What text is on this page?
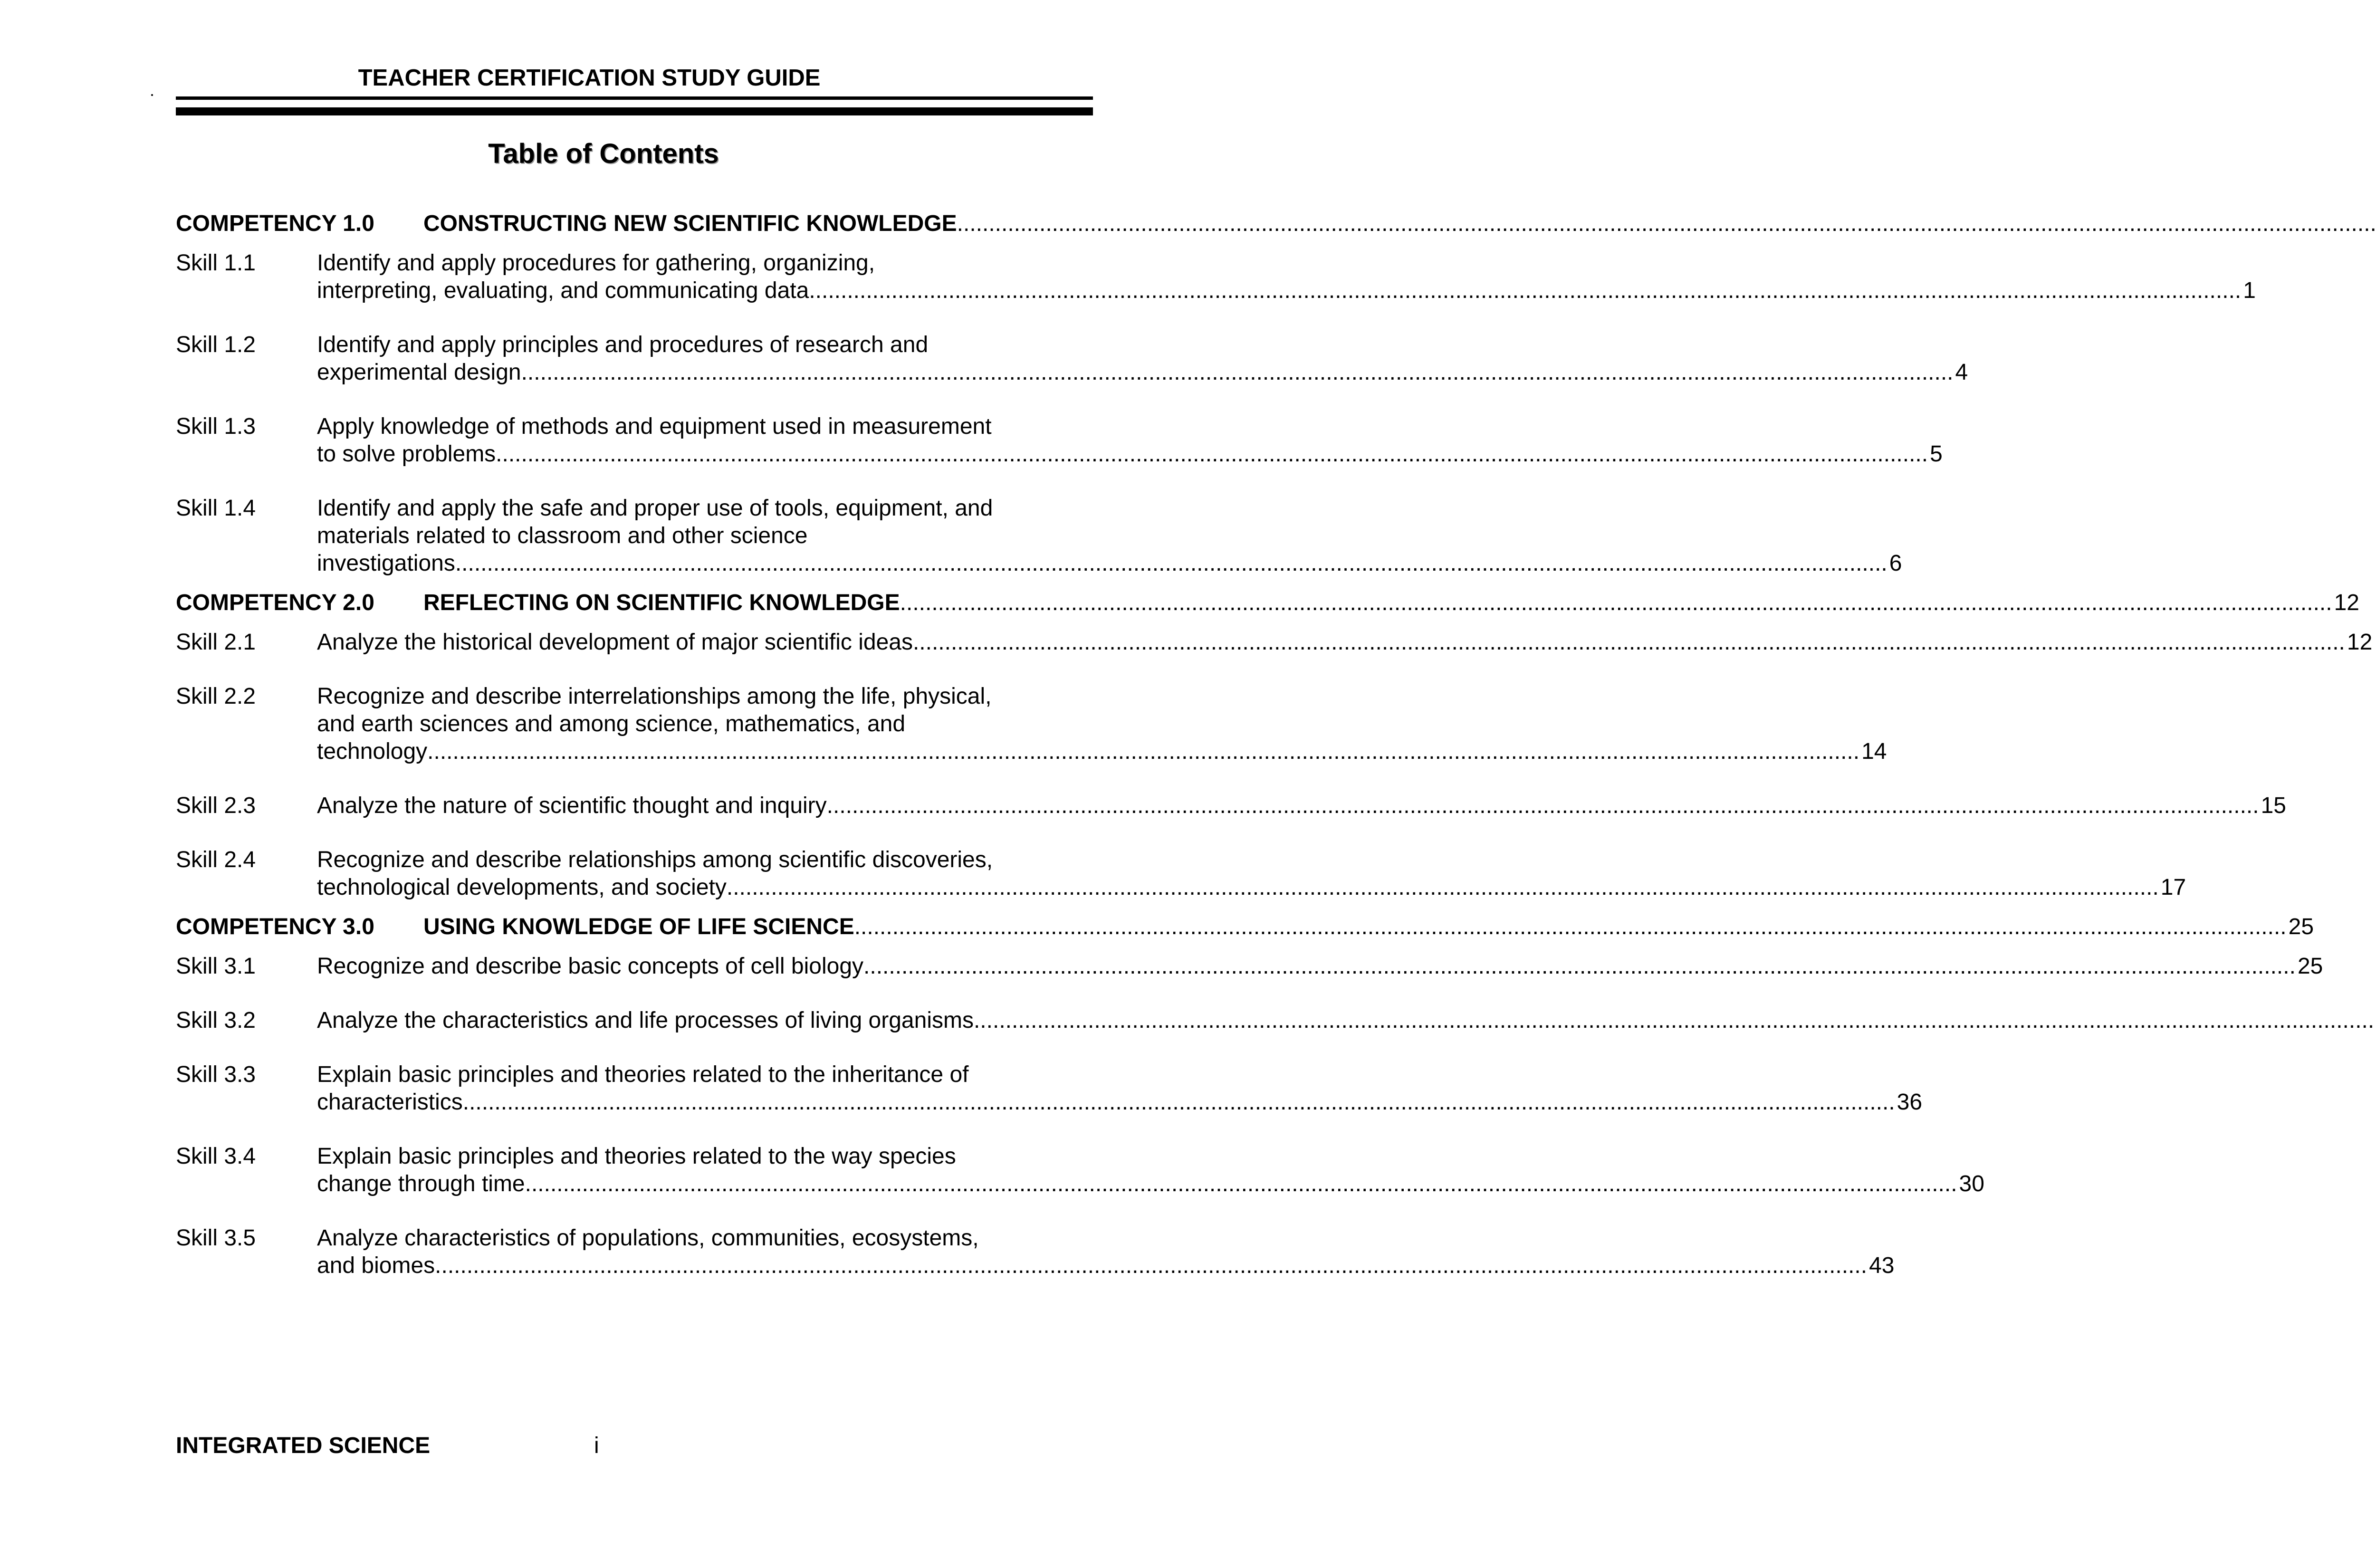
TEACHER CERTIFICATION STUDY GUIDE
Table of Contents
COMPETENCY 1.0	CONSTRUCTING NEW SCIENTIFIC KNOWLEDGE
.....
Skill 1.1	Identify and apply procedures for gathering, organizing,
interpreting, evaluating, and communicating data .....	1
Skill 1.2	Identify and apply principles and procedures of research and
experimental design .....	4
Skill 1.3	Apply knowledge of methods and equipment used in measurement
to solve problems .....	5
Skill 1.4	Identify and apply the safe and proper use of tools, equipment, and
materials related to classroom and other science
investigations .....	6
COMPETENCY 2.0	REFLECTING ON SCIENTIFIC KNOWLEDGE .....	12
Skill 2.1	Analyze the historical development of major scientific ideas .....	12
Skill 2.2	Recognize and describe interrelationships among the life, physical,
and earth sciences and among science, mathematics, and
technology .....	14
Skill 2.3	Analyze the nature of scientific thought and inquiry .....	15
Skill 2.4	Recognize and describe relationships among scientific discoveries,
technological developments, and society .....	17
COMPETENCY 3.0	USING KNOWLEDGE OF LIFE SCIENCE .....	25
Skill 3.1	Recognize and describe basic concepts of cell biology .....	25
Skill 3.2	Analyze the characteristics and life processes of living organisms
.....
Skill 3.3	Explain basic principles and theories related to the inheritance of
characteristics .....	36
Skill 3.4	Explain basic principles and theories related to the way species
change through time .....	30
Skill 3.5	Analyze characteristics of populations, communities, ecosystems,
and biomes .....	43
INTEGRATED SCIENCE	i
